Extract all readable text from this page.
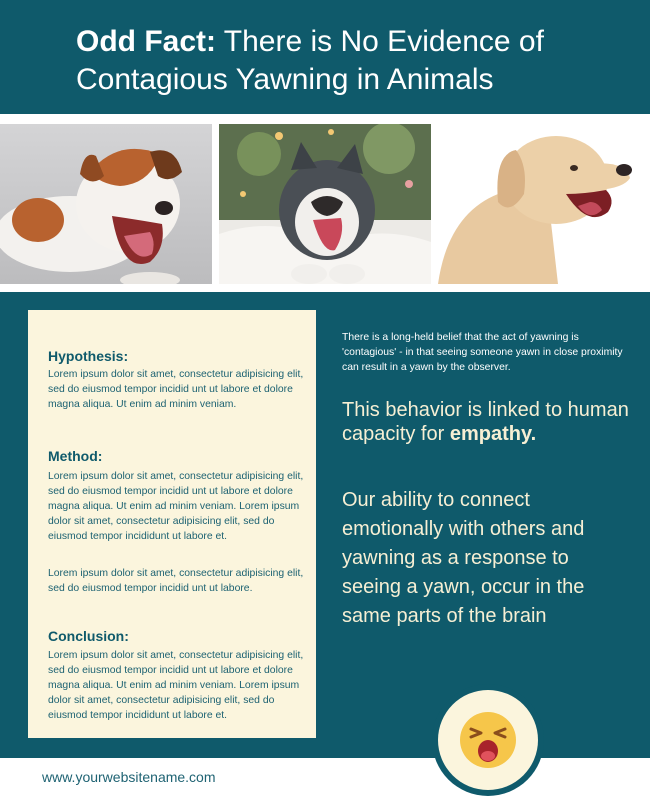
Odd Fact: There is No Evidence of Contagious Yawning in Animals
Hypothesis:
Lorem ipsum dolor sit amet, consectetur adipisicing elit, sed do eiusmod tempor incidid unt ut labore et dolore magna aliqua. Ut enim ad minim veniam.
Method:
Lorem ipsum dolor sit amet, consectetur adipisicing elit, sed do eiusmod tempor incidid unt ut labore et dolore magna aliqua. Ut enim ad minim veniam. Lorem ipsum dolor sit amet, consectetur adipisicing elit, sed do eiusmod tempor incididunt ut labore et.
Lorem ipsum dolor sit amet, consectetur adipisicing elit, sed do eiusmod tempor incidid unt ut labore.
Conclusion:
Lorem ipsum dolor sit amet, consectetur adipisicing elit, sed do eiusmod tempor incidid unt ut labore et dolore magna aliqua. Ut enim ad minim veniam. Lorem ipsum dolor sit amet, consectetur adipisicing elit, sed do eiusmod tempor incididunt ut labore et.
There is a long-held belief that the act of yawning is 'contagious' - in that seeing someone yawn in close proximity can result in a yawn by the observer.
This behavior is linked to human capacity for empathy.
Our ability to connect emotionally with others and yawning as a response to seeing a yawn, occur in the same parts of the brain
www.yourwebsitename.com
